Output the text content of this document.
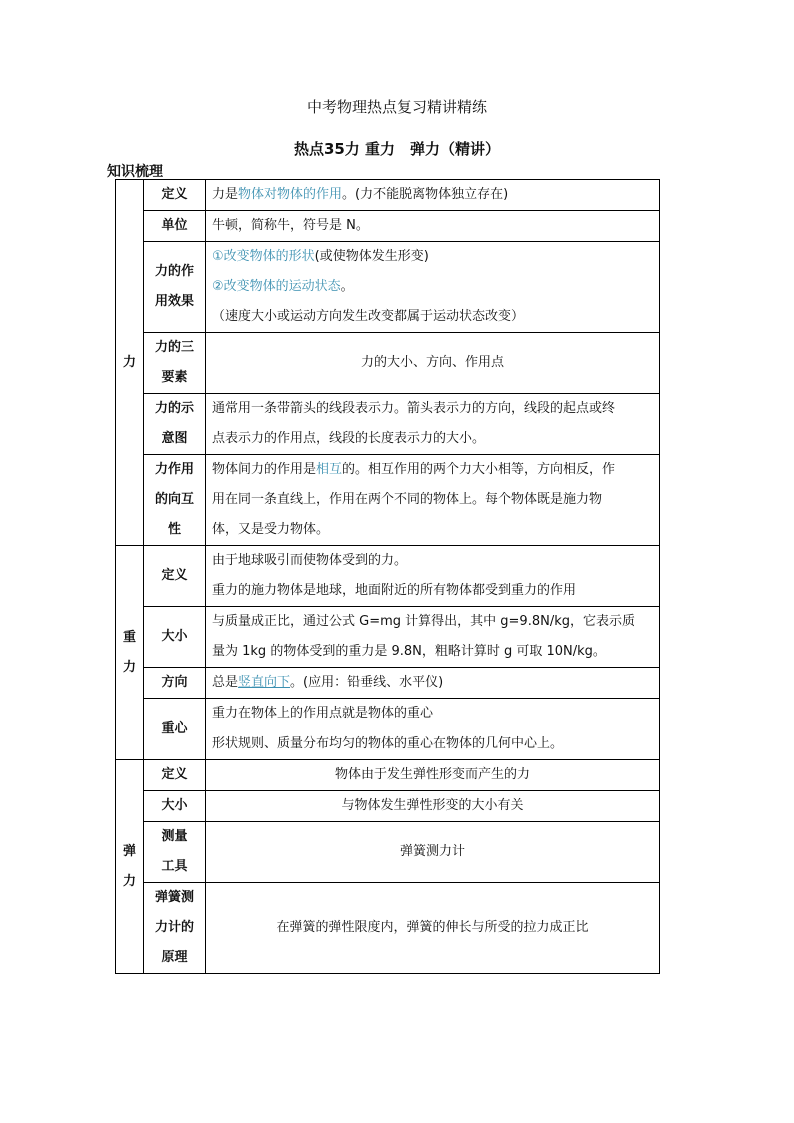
中考物理热点复习精讲精练
热点35力 重力　弹力（精讲）
知识梳理
力	定义	力是物体对物体的作用。(力不能脱离物体独立存在)

	单位	牛顿，简称牛，符号是 N。

	力的作
用效果	①改变物体的形状(或使物体发生形变)
②改变物体的运动状态。
（速度大小或运动方向发生改变都属于运动状态改变）

	力的三
要素	力的大小、方向、作用点

	力的示
意图	通常用一条带箭头的线段表示力。箭头表示力的方向，线段的起点或终
点表示力的作用点，线段的长度表示力的大小。

	力作用
的向互
性	物体间力的作用是相互的。相互作用的两个力大小相等，方向相反，作
用在同一条直线上，作用在两个不同的物体上。每个物体既是施力物
体，又是受力物体。

重
力	定义	由于地球吸引而使物体受到的力。
重力的施力物体是地球，地面附近的所有物体都受到重力的作用

	大小	与质量成正比，通过公式 G=mg 计算得出，其中 g=9.8N/kg，它表示质
量为 1kg 的物体受到的重力是 9.8N，粗略计算时 g 可取 10N/kg。

	方向	总是竖直向下。(应用：铅垂线、水平仪)

	重心	重力在物体上的作用点就是物体的重心
形状规则、质量分布均匀的物体的重心在物体的几何中心上。

弹
力	定义	物体由于发生弹性形变而产生的力

	大小	与物体发生弹性形变的大小有关

	测量
工具	弹簧测力计

	弹簧测
力计的
原理	在弹簧的弹性限度内，弹簧的伸长与所受的拉力成正比
